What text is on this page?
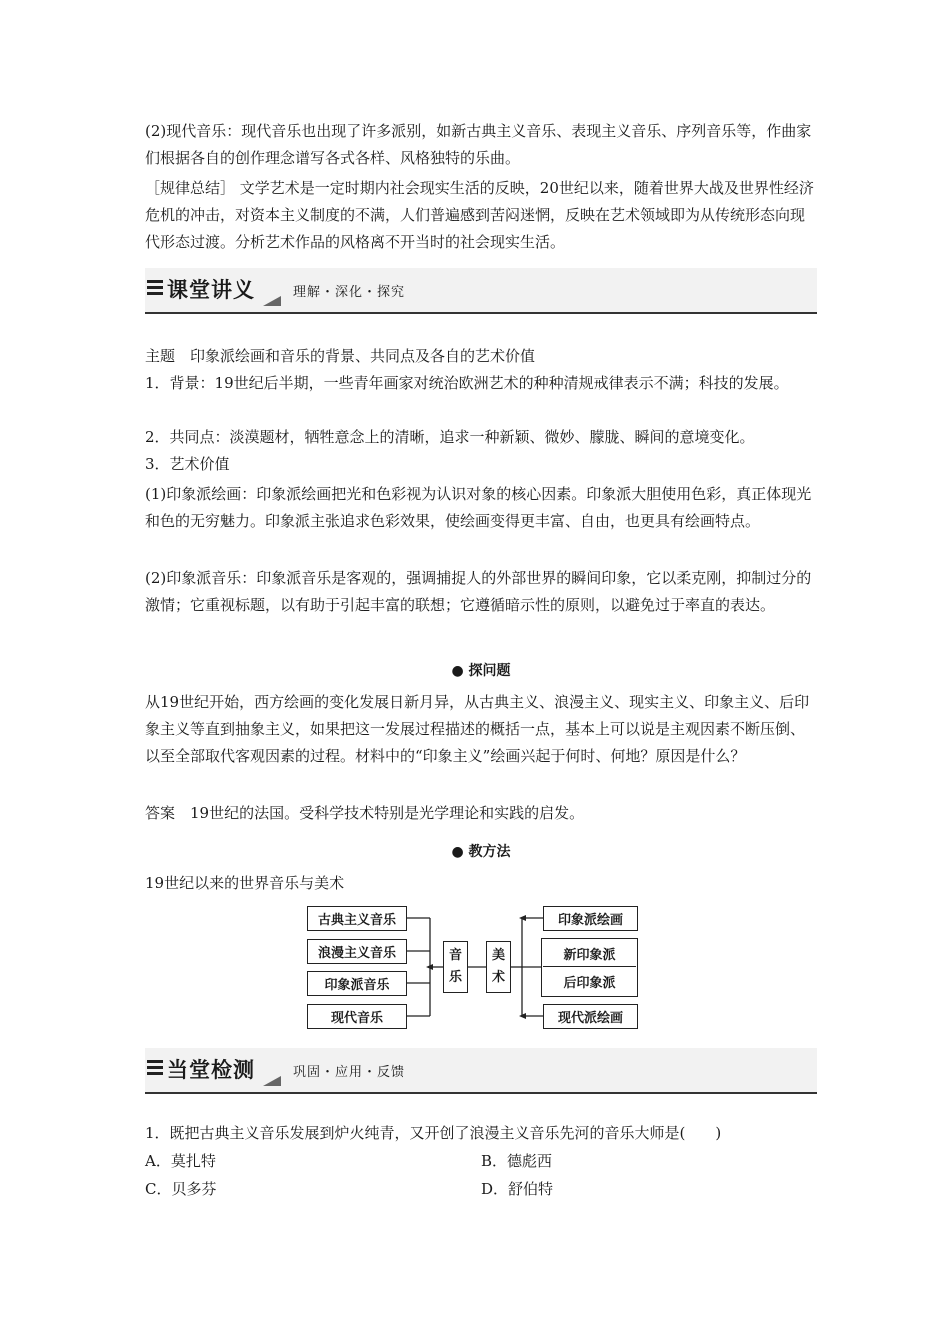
(2)现代音乐：现代音乐也出现了许多派别，如新古典主义音乐、表现主义音乐、序列音乐等，作曲家们根据各自的创作理念谱写各式各样、风格独特的乐曲。

［规律总结］ 文学艺术是一定时期内社会现实生活的反映，20世纪以来，随着世界大战及世界性经济危机的冲击，对资本主义制度的不满，人们普遍感到苦闷迷惘，反映在艺术领域即为从传统形态向现代形态过渡。分析艺术作品的风格离不开当时的社会现实生活。

课堂讲义	理解・深化・探究

主题　印象派绘画和音乐的背景、共同点及各自的艺术价值

1．背景：19世纪后半期，一些青年画家对统治欧洲艺术的种种清规戒律表示不满；科技的发展。

2．共同点：淡漠题材，牺牲意念上的清晰，追求一种新颖、微妙、朦胧、瞬间的意境变化。

3．艺术价值

(1)印象派绘画：印象派绘画把光和色彩视为认识对象的核心因素。印象派大胆使用色彩，真正体现光和色的无穷魅力。印象派主张追求色彩效果，使绘画变得更丰富、自由，也更具有绘画特点。

(2)印象派音乐：印象派音乐是客观的，强调捕捉人的外部世界的瞬间印象，它以柔克刚，抑制过分的激情；它重视标题，以有助于引起丰富的联想；它遵循暗示性的原则，以避免过于率直的表达。

● 探问题

从19世纪开始，西方绘画的变化发展日新月异，从古典主义、浪漫主义、现实主义、印象主义、后印象主义等直到抽象主义，如果把这一发展过程描述的概括一点，基本上可以说是主观因素不断压倒、以至全部取代客观因素的过程。材料中的“印象主义”绘画兴起于何时、何地？原因是什么？

答案　19世纪的法国。受科学技术特别是光学理论和实践的启发。

● 教方法

19世纪以来的世界音乐与美术

古典主义音乐
浪漫主义音乐
印象派音乐
现代音乐
音
乐
美
术
印象派绘画
新印象派
后印象派
现代派绘画
当堂检测	巩固・应用・反馈

1．既把古典主义音乐发展到炉火纯青，又开创了浪漫主义音乐先河的音乐大师是(　　)

A．莫扎特	B．德彪西
C．贝多芬	D．舒伯特
